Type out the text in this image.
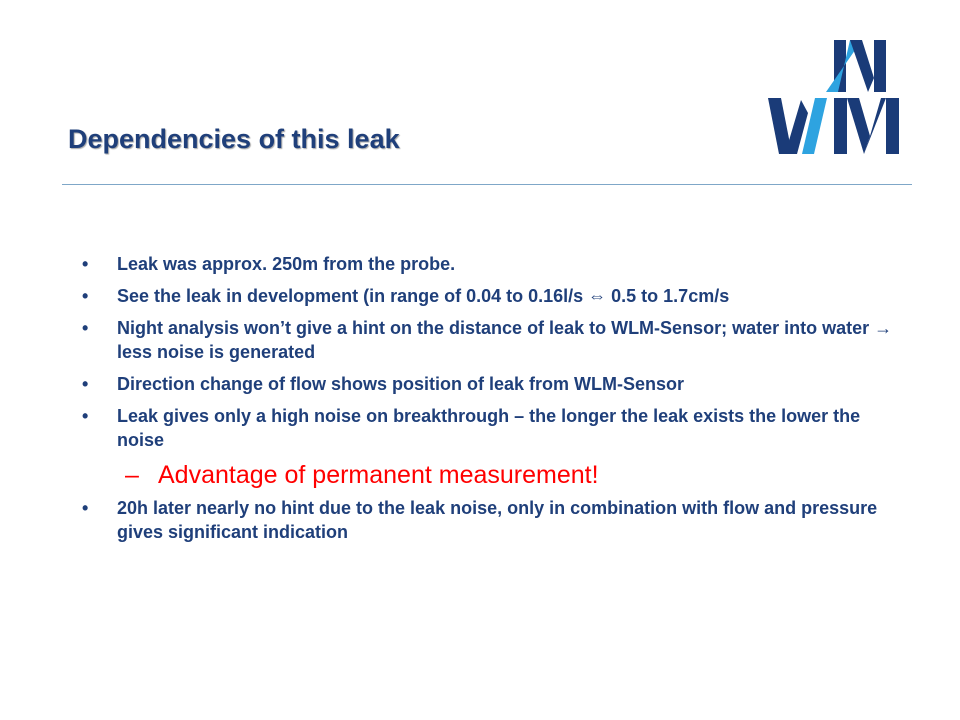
Dependencies of this leak
• Leak was approx. 250m from the probe.
• See the leak in development (in range of 0.04 to 0.16l/s ⇔ 0.5 to 1.7cm/s
• Night analysis won’t give a hint on the distance of leak to WLM-Sensor; water into water → less noise is generated
• Direction change of flow shows position of leak from WLM-Sensor
• Leak gives only a high noise on breakthrough – the longer the leak exists the lower the noise
– Advantage of permanent measurement!
• 20h later nearly no hint due to the leak noise, only in combination with flow and pressure gives significant indication
